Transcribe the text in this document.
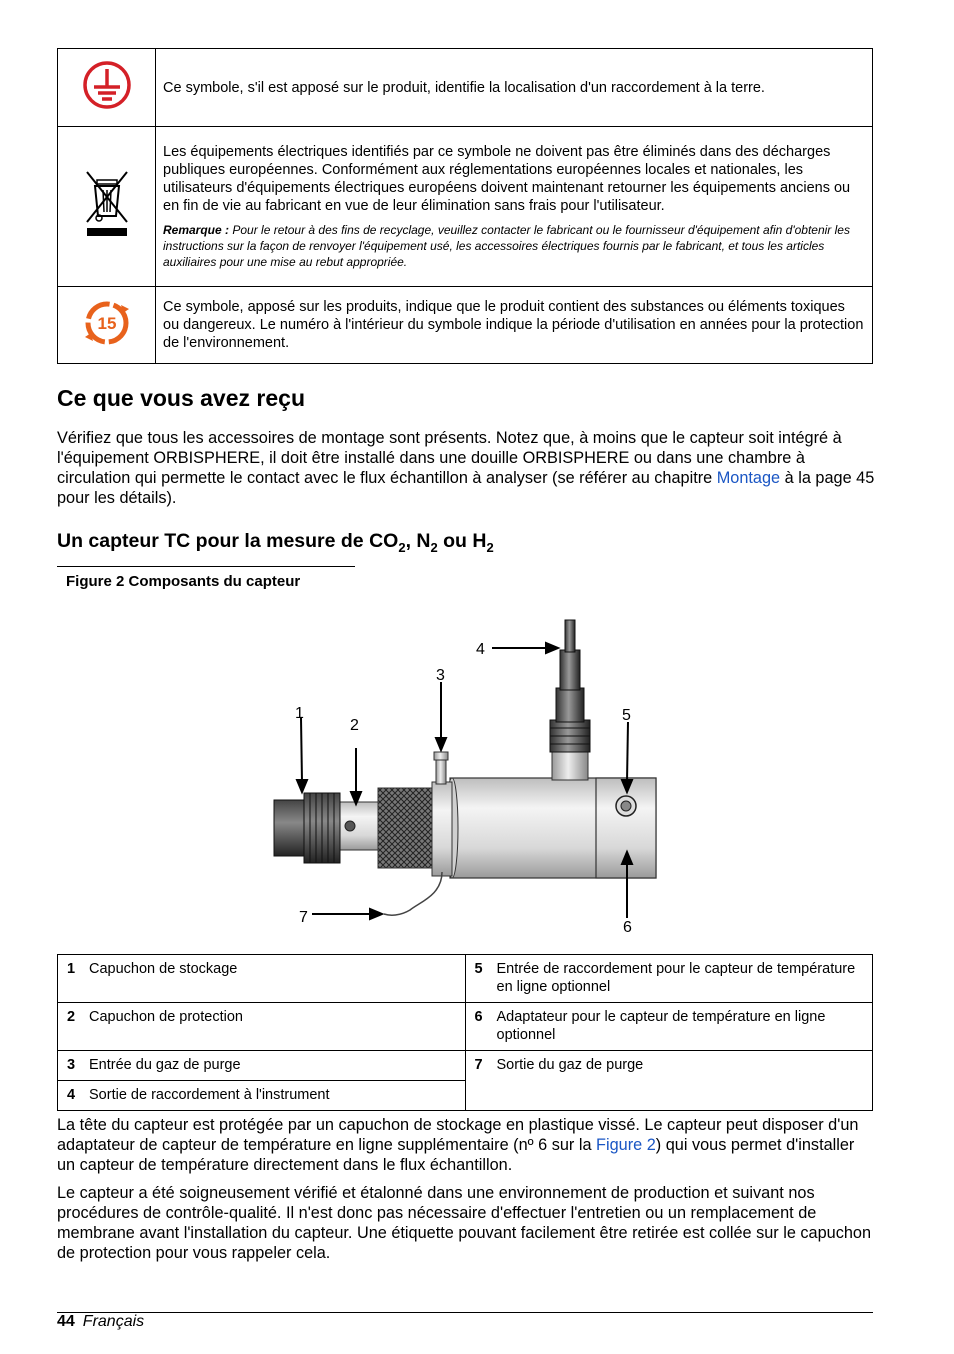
	Ce symbole, s'il est apposé sur le produit, identifie la localisation d'un raccordement à la terre.

Les équipements électriques identifiés par ce symbole ne doivent pas être éliminés dans des décharges publiques européennes. Conformément aux réglementations européennes locales et nationales, les utilisateurs d'équipements électriques européens doivent maintenant retourner les équipements anciens ou en fin de vie au fabricant en vue de leur élimination sans frais pour l'utilisateur.
Remarque : Pour le retour à des fins de recyclage, veuillez contacter le fabricant ou le fournisseur d'équipement afin d'obtenir les instructions sur la façon de renvoyer l'équipement usé, les accessoires électriques fournis par le fabricant, et tous les articles auxiliaires pour une mise au rebut appropriée.

15	Ce symbole, apposé sur les produits, indique que le produit contient des substances ou éléments toxiques ou dangereux. Le numéro à l'intérieur du symbole indique la période d'utilisation en années pour la protection de l'environnement.
Ce que vous avez reçu

Vérifiez que tous les accessoires de montage sont présents. Notez que, à moins que le capteur soit intégré à l'équipement ORBISPHERE, il doit être installé dans une douille ORBISPHERE ou dans une chambre à circulation qui permette le contact avec le flux échantillon à analyser (se référer au chapitre Montage à la page 45 pour les détails).

Un capteur TC pour la mesure de $CO_2$, $N_2$ ou $H_2$
Figure 2 Composants du capteur
1
2
3
4
5
6
7
1 Capuchon de stockage	5 Entrée de raccordement pour le capteur de température en ligne optionnel
2 Capuchon de protection	6 Adaptateur pour le capteur de température en ligne optionnel
3 Entrée du gaz de purge	7 Sortie du gaz de purge
4 Sortie de raccordement à l'instrument	

La tête du capteur est protégée par un capuchon de stockage en plastique vissé. Le capteur peut disposer d'un adaptateur de capteur de température en ligne supplémentaire (nº 6 sur la Figure 2) qui vous permet d'installer un capteur de température directement dans le flux échantillon.

Le capteur a été soigneusement vérifié et étalonné dans une environnement de production et suivant nos procédures de contrôle-qualité. Il n'est donc pas nécessaire d'effectuer l'entretien ou un remplacement de membrane avant l'installation du capteur. Une étiquette pouvant facilement être retirée est collée sur le capuchon de protection pour vous rappeler cela.

44 Français
